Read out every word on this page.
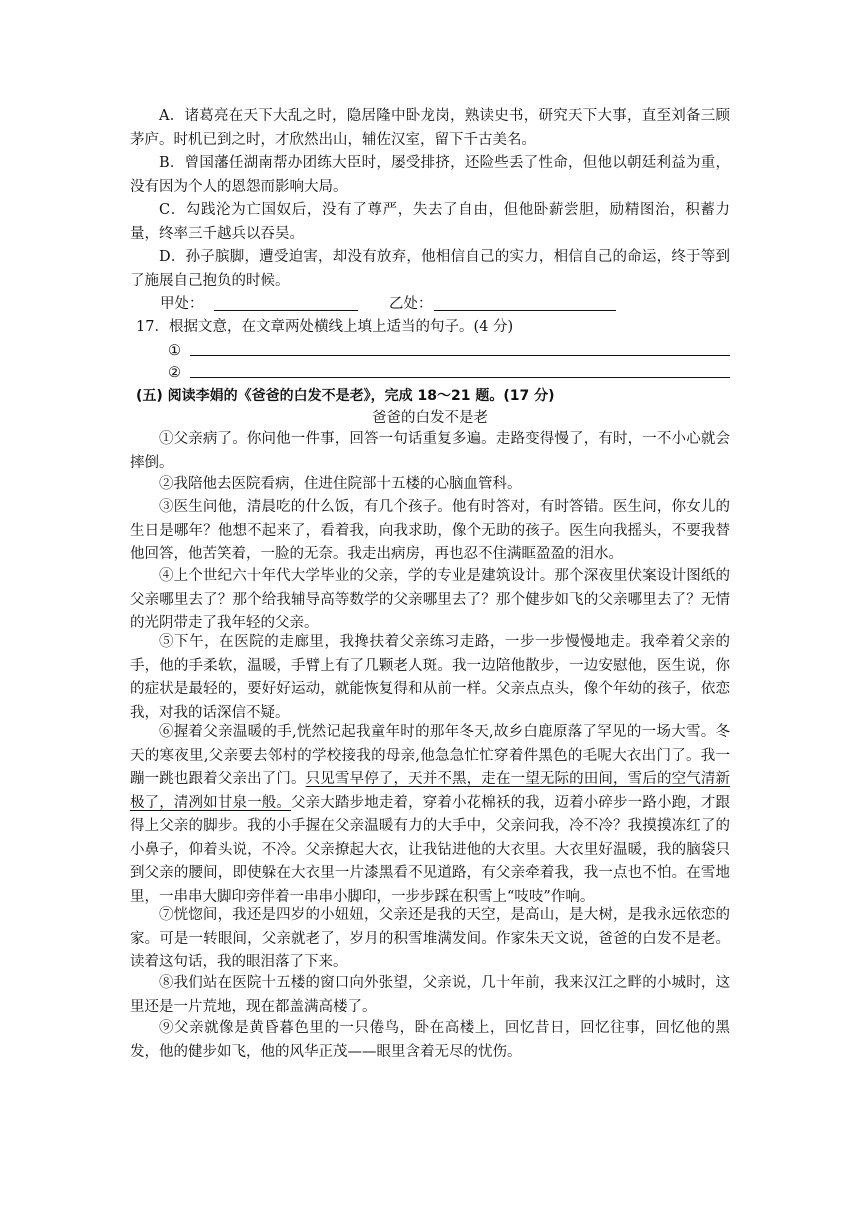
A．诸葛亮在天下大乱之时，隐居隆中卧龙岗，熟读史书，研究天下大事，直至刘备三顾茅庐。时机已到之时，才欣然出山，辅佐汉室，留下千古美名。
B．曾国藩任湖南帮办团练大臣时，屡受排挤，还险些丢了性命，但他以朝廷利益为重，没有因为个人的恩怨而影响大局。
C．勾践沦为亡国奴后，没有了尊严，失去了自由，但他卧薪尝胆，励精图治，积蓄力量，终率三千越兵以吞吴。
D．孙子膑脚，遭受迫害，却没有放弃，他相信自己的实力，相信自己的命运，终于等到了施展自己抱负的时候。
甲处：	乙处：
17．根据文意，在文章两处横线上填上适当的句子。(4 分)
①
②
(五) 阅读李娟的《爸爸的白发不是老》，完成 18～21 题。(17 分)
爸爸的白发不是老
①父亲病了。你问他一件事，回答一句话重复多遍。走路变得慢了，有时，一不小心就会摔倒。
②我陪他去医院看病，住进住院部十五楼的心脑血管科。
③医生问他，清晨吃的什么饭，有几个孩子。他有时答对，有时答错。医生问，你女儿的生日是哪年？他想不起来了，看着我，向我求助，像个无助的孩子。医生向我摇头，不要我替他回答，他苦笑着，一脸的无奈。我走出病房，再也忍不住满眶盈盈的泪水。
④上个世纪六十年代大学毕业的父亲，学的专业是建筑设计。那个深夜里伏案设计图纸的父亲哪里去了？那个给我辅导高等数学的父亲哪里去了？那个健步如飞的父亲哪里去了？无情的光阴带走了我年轻的父亲。
⑤下午，在医院的走廊里，我搀扶着父亲练习走路，一步一步慢慢地走。我牵着父亲的手，他的手柔软，温暖，手臂上有了几颗老人斑。我一边陪他散步，一边安慰他，医生说，你的症状是最轻的，要好好运动，就能恢复得和从前一样。父亲点点头，像个年幼的孩子，依恋我，对我的话深信不疑。
⑥握着父亲温暖的手,恍然记起我童年时的那年冬天,故乡白鹿原落了罕见的一场大雪。冬天的寒夜里,父亲要去邻村的学校接我的母亲,他急急忙忙穿着件黑色的毛呢大衣出门了。我一蹦一跳也跟着父亲出了门。只见雪早停了，天并不黑，走在一望无际的田间，雪后的空气清新极了，清冽如甘泉一般。父亲大踏步地走着，穿着小花棉袄的我，迈着小碎步一路小跑，才跟得上父亲的脚步。我的小手握在父亲温暖有力的大手中，父亲问我，冷不冷？我摸摸冻红了的小鼻子，仰着头说，不冷。父亲撩起大衣，让我钻进他的大衣里。大衣里好温暖，我的脑袋只到父亲的腰间，即使躲在大衣里一片漆黑看不见道路，有父亲牵着我，我一点也不怕。在雪地里，一串串大脚印旁伴着一串串小脚印，一步步踩在积雪上“吱吱”作响。
⑦恍惚间，我还是四岁的小妞妞，父亲还是我的天空，是高山，是大树，是我永远依恋的家。可是一转眼间，父亲就老了，岁月的积雪堆满发间。作家朱天文说，爸爸的白发不是老。读着这句话，我的眼泪落了下来。
⑧我们站在医院十五楼的窗口向外张望，父亲说，几十年前，我来汉江之畔的小城时，这里还是一片荒地，现在都盖满高楼了。
⑨父亲就像是黄昏暮色里的一只倦鸟，卧在高楼上，回忆昔日，回忆往事，回忆他的黑发，他的健步如飞，他的风华正茂——眼里含着无尽的忧伤。
